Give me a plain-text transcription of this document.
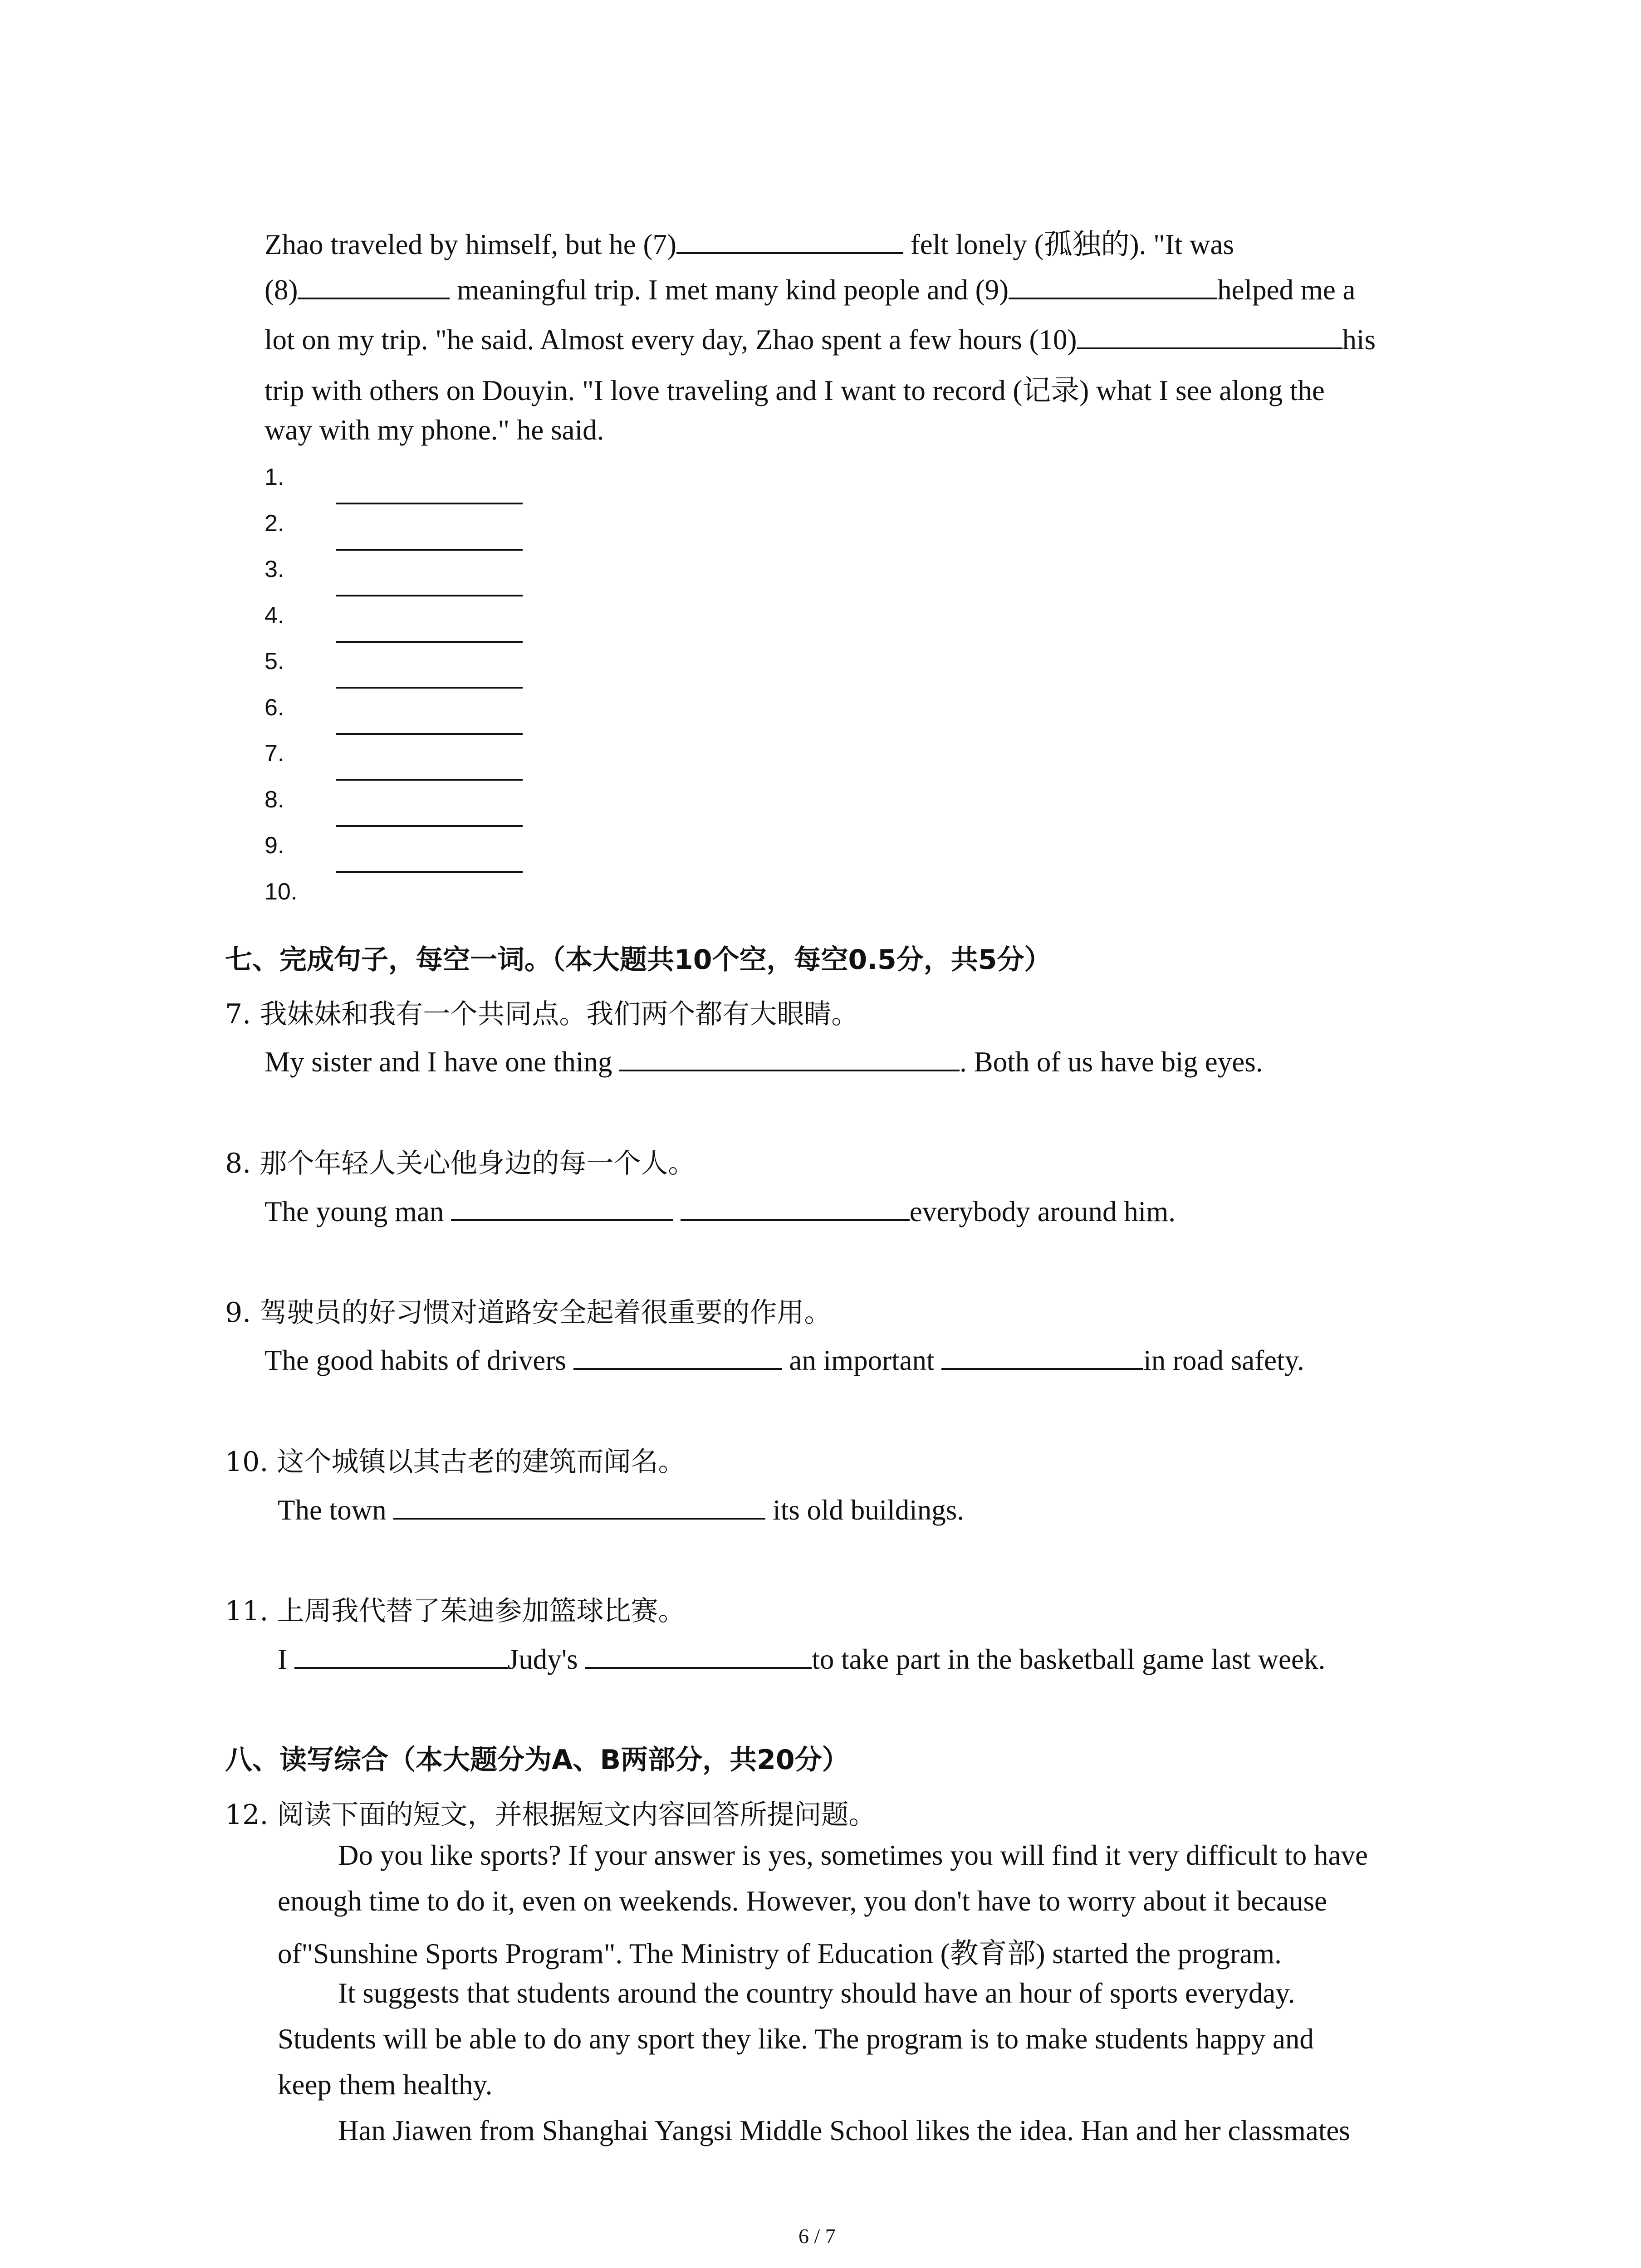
Zhao traveled by himself, but he (7)	felt lonely (孤独的). "It was
(8)	meaningful trip. I met many kind people and (9)	helped me a
lot on my trip. "he said. Almost every day, Zhao spent a few hours (10)	his
trip with others on Douyin. "I love traveling and I want to record (记录) what I see along the
way with my phone." he said.
1.
2.
3.
4.
5.
6.
7.
8.
9.
10.
七、完成句子，每空一词。（本大题共10个空，每空0.5分，共5分）
7. 我妹妹和我有一个共同点。我们两个都有大眼睛。
My sister and I have one thing	. Both of us have big eyes.
8. 那个年轻人关心他身边的每一个人。
The young man	everybody around him.
9. 驾驶员的好习惯对道路安全起着很重要的作用。
The good habits of drivers	an important	in road safety.
10. 这个城镇以其古老的建筑而闻名。
The town	its old buildings.
11. 上周我代替了茱迪参加篮球比赛。
I	Judy's	to take part in the basketball game last week.
八、读写综合（本大题分为A、B两部分，共20分）
12. 阅读下面的短文，并根据短文内容回答所提问题。
Do you like sports? If your answer is yes, sometimes you will find it very difficult to have
enough time to do it, even on weekends. However, you don't have to worry about it because
of"Sunshine Sports Program". The Ministry of Education (教育部) started the program.
It suggests that students around the country should have an hour of sports everyday.
Students will be able to do any sport they like. The program is to make students happy and
keep them healthy.
Han Jiawen from Shanghai Yangsi Middle School likes the idea. Han and her classmates
6 / 7
